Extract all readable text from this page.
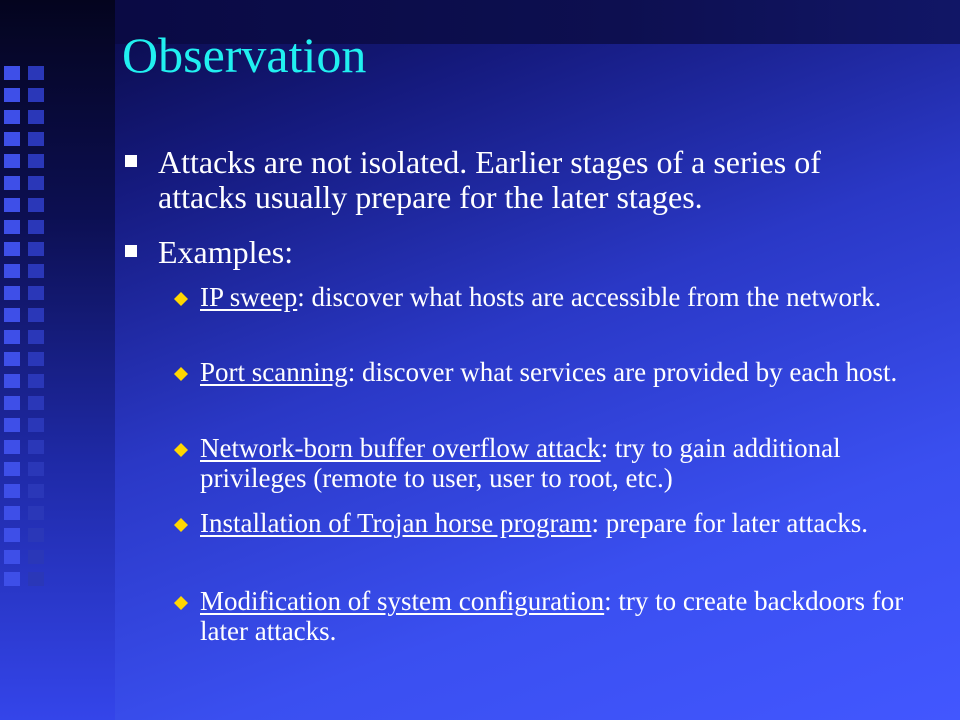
Observation
Attacks are not isolated. Earlier stages of a series of attacks usually prepare for the later stages.
Examples:
IP sweep: discover what hosts are accessible from the network.
Port scanning: discover what services are provided by each host.
Network-born buffer overflow attack: try to gain additional privileges (remote to user, user to root, etc.)
Installation of Trojan horse program: prepare for later attacks.
Modification of system configuration: try to create backdoors for later attacks.
